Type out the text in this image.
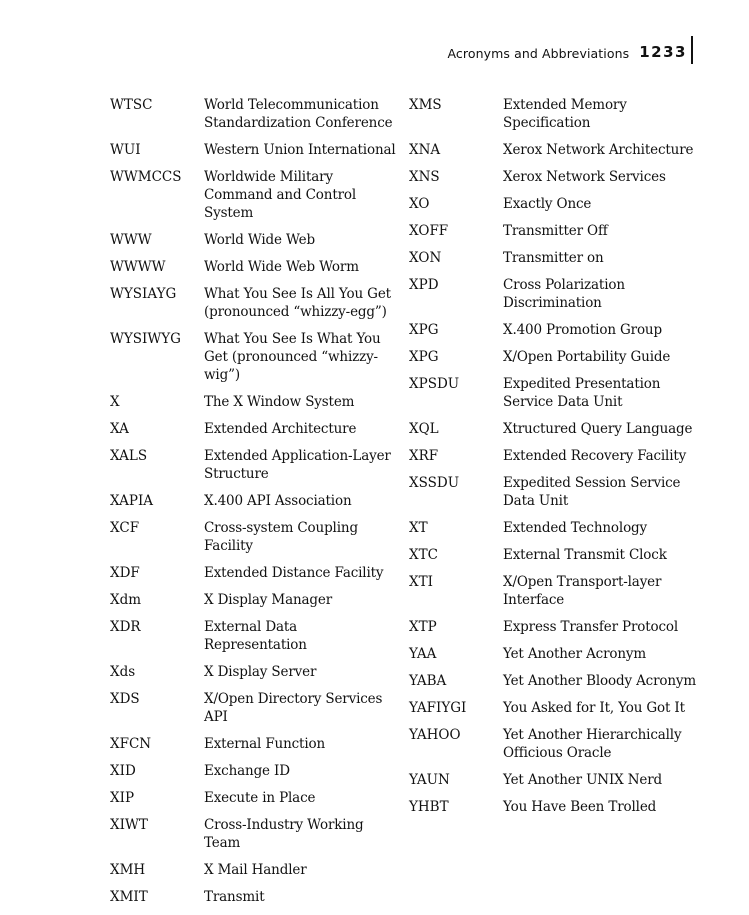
Acronyms and Abbreviations 1233
WTSC	World Telecommunication Standardization Conference
WUI	Western Union International
WWMCCS	Worldwide Military Command and Control System
WWW	World Wide Web
WWWW	World Wide Web Worm
WYSIAYG	What You See Is All You Get (pronounced “whizzy-egg”)
WYSIWYG	What You See Is What You Get (pronounced “whizzy-wig”)
X	The X Window System
XA	Extended Architecture
XALS	Extended Application-Layer Structure
XAPIA	X.400 API Association
XCF	Cross-system Coupling Facility
XDF	Extended Distance Facility
Xdm	X Display Manager
XDR	External Data Representation
Xds	X Display Server
XDS	X/Open Directory Services API
XFCN	External Function
XID	Exchange ID
XIP	Execute in Place
XIWT	Cross-Industry Working Team
XMH	X Mail Handler
XMIT	Transmit
XMS	Extended Memory Specification
XNA	Xerox Network Architecture
XNS	Xerox Network Services
XO	Exactly Once
XOFF	Transmitter Off
XON	Transmitter on
XPD	Cross Polarization Discrimination
XPG	X.400 Promotion Group
XPG	X/Open Portability Guide
XPSDU	Expedited Presentation Service Data Unit
XQL	Xtructured Query Language
XRF	Extended Recovery Facility
XSSDU	Expedited Session Service Data Unit
XT	Extended Technology
XTC	External Transmit Clock
XTI	X/Open Transport-layer Interface
XTP	Express Transfer Protocol
YAA	Yet Another Acronym
YABA	Yet Another Bloody Acronym
YAFIYGI	You Asked for It, You Got It
YAHOO	Yet Another Hierarchically Officious Oracle
YAUN	Yet Another UNIX Nerd
YHBT	You Have Been Trolled
